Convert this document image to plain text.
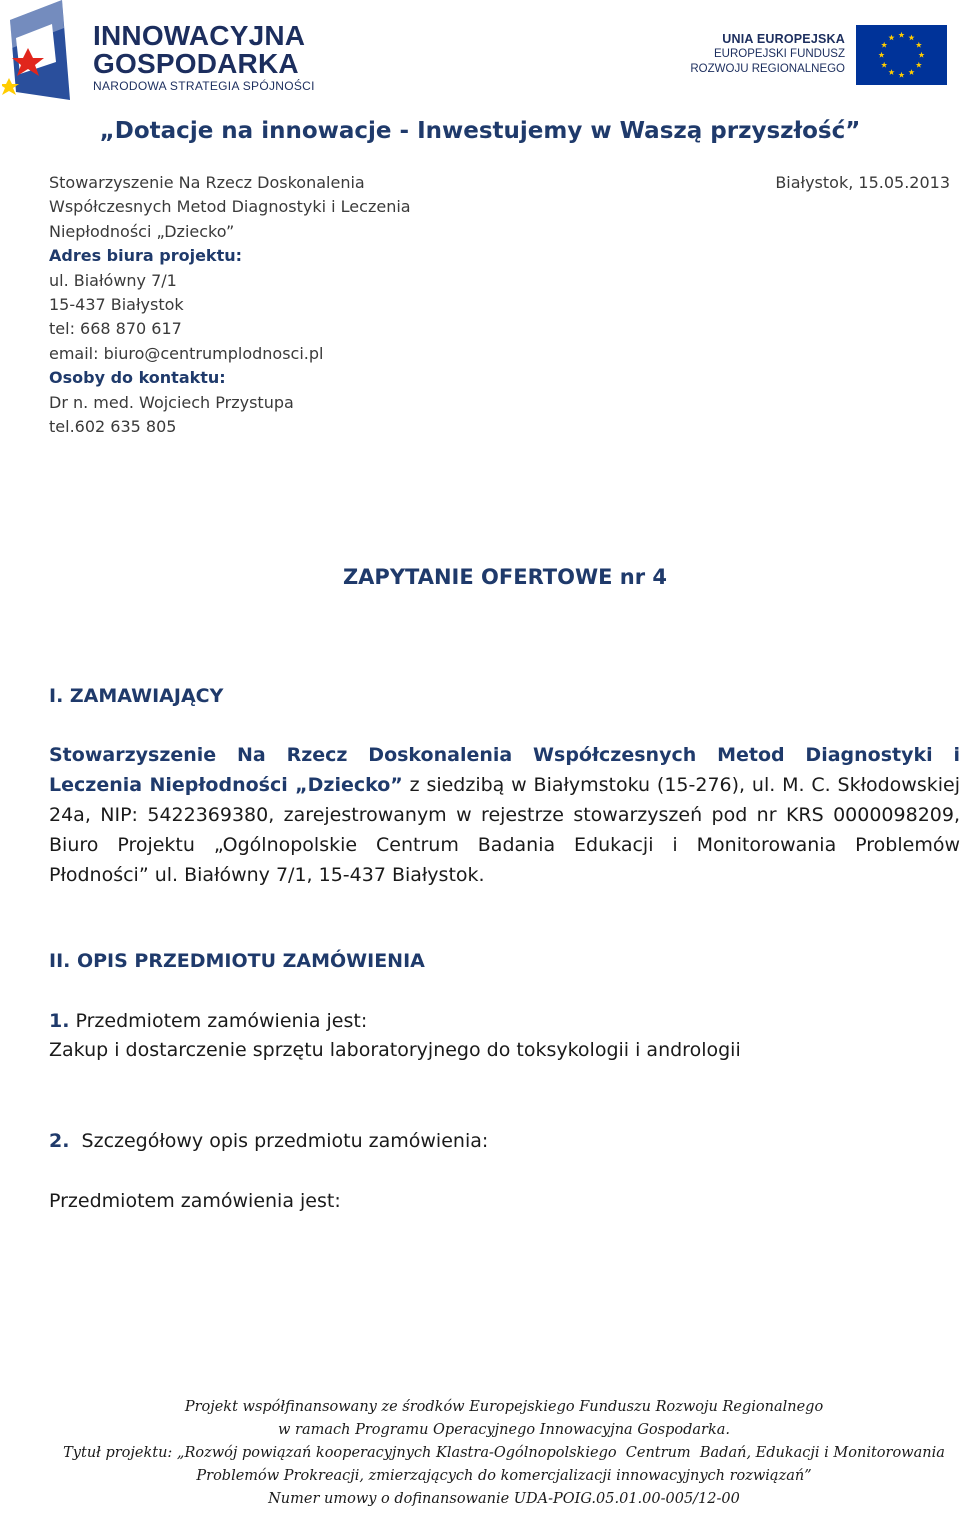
INNOWACYJNA
GOSPODARKA
NARODOWA STRATEGIA SPÓJNOŚCI
UNIA EUROPEJSKA
EUROPEJSKI FUNDUSZ
ROZWOJU REGIONALNEGO
„Dotacje na innowacje - Inwestujemy w Waszą przyszłość”
Stowarzyszenie Na Rzecz Doskonalenia
Współczesnych Metod Diagnostyki i Leczenia
Niepłodności „Dziecko”
Adres biura projektu:
ul. Białówny 7/1
15-437 Białystok
tel: 668 870 617
email: biuro@centrumplodnosci.pl
Osoby do kontaktu:
Dr n. med. Wojciech Przystupa
tel.602 635 805
Białystok, 15.05.2013
ZAPYTANIE OFERTOWE nr 4
I. ZAMAWIAJĄCY
Stowarzyszenie Na Rzecz Doskonalenia Współczesnych Metod Diagnostyki i Leczenia Niepłodności „Dziecko” z siedzibą w Białymstoku (15-276), ul. M. C. Skłodowskiej 24a, NIP: 5422369380, zarejestrowanym w rejestrze stowarzyszeń pod nr KRS 0000098209, Biuro Projektu „Ogólnopolskie Centrum Badania Edukacji i Monitorowania Problemów Płodności” ul. Białówny 7/1, 15-437 Białystok.
II. OPIS PRZEDMIOTU ZAMÓWIENIA
1. Przedmiotem zamówienia jest:
Zakup i dostarczenie sprzętu laboratoryjnego do toksykologii i andrologii
2.  Szczegółowy opis przedmiotu zamówienia:
Przedmiotem zamówienia jest:
Projekt współfinansowany ze środków Europejskiego Funduszu Rozwoju Regionalnego
w ramach Programu Operacyjnego Innowacyjna Gospodarka.
Tytuł projektu: „Rozwój powiązań kooperacyjnych Klastra-Ogólnopolskiego  Centrum  Badań, Edukacji i Monitorowania
Problemów Prokreacji, zmierzających do komercjalizacji innowacyjnych rozwiązań”
Numer umowy o dofinansowanie UDA-POIG.05.01.00-005/12-00
